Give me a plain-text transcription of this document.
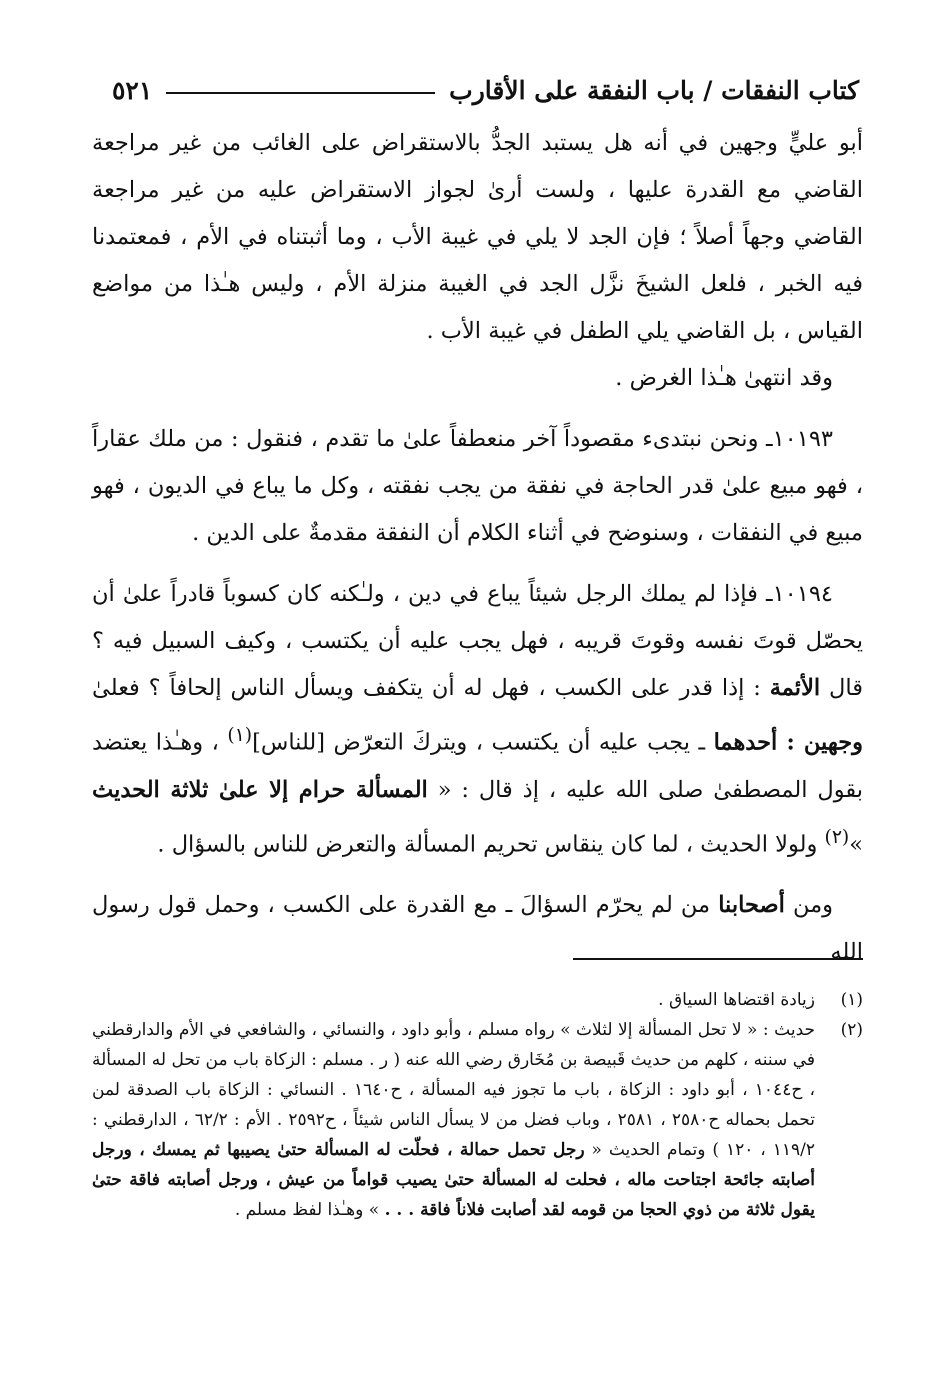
كتاب النفقات / باب النفقة على الأقارب
٥٢١

أبو عليٍّ وجهين في أنه هل يستبد الجدُّ بالاستقراض على الغائب من غير مراجعة القاضي مع القدرة عليها ، ولست أرىٰ لجواز الاستقراض عليه من غير مراجعة القاضي وجهاً أصلاً ؛ فإن الجد لا يلي في غيبة الأب ، وما أثبتناه في الأم ، فمعتمدنا فيه الخبر ، فلعل الشيخَ نزَّل الجد في الغيبة منزلة الأم ، وليس هـٰذا من مواضع القياس ، بل القاضي يلي الطفل في غيبة الأب .

وقد انتهىٰ هـٰذا الغرض .

١٠١٩٣ـ ونحن نبتدىء مقصوداً آخر منعطفاً علىٰ ما تقدم ، فنقول : من ملك عقاراً ، فهو مبيع علىٰ قدر الحاجة في نفقة من يجب نفقته ، وكل ما يباع في الديون ، فهو مبيع في النفقات ، وسنوضح في أثناء الكلام أن النفقة مقدمةٌ على الدين .

١٠١٩٤ـ فإذا لم يملك الرجل شيئاً يباع في دين ، ولـٰكنه كان كسوباً قادراً علىٰ أن يحصّل قوتَ نفسه وقوتَ قريبه ، فهل يجب عليه أن يكتسب ، وكيف السبيل فيه ؟ قال الأئمة : إذا قدر على الكسب ، فهل له أن يتكفف ويسأل الناس إلحافاً ؟ فعلىٰ وجهين : أحدهما ـ يجب عليه أن يكتسب ، ويتركَ التعرّض [للناس]$^{(١)}$ ، وهـٰذا يعتضد بقول المصطفىٰ صلى الله عليه ، إذ قال : « المسألة حرام إلا علىٰ ثلاثة الحديث »$^{(٢)}$ ولولا الحديث ، لما كان ينقاس تحريم المسألة والتعرض للناس بالسؤال .

ومن أصحابنا من لم يحرّم السؤالَ ـ مع القدرة على الكسب ، وحمل قول رسول الله

(١)
زيادة اقتضاها السياق .
(٢)
حديث : « لا تحل المسألة إلا لثلاث » رواه مسلم ، وأبو داود ، والنسائي ، والشافعي في الأم والدارقطني في سننه ، كلهم من حديث قَبيصة بن مُخَارق رضي الله عنه ( ر . مسلم : الزكاة باب من تحل له المسألة ، ح١٠٤٤ ، أبو داود : الزكاة ، باب ما تجوز فيه المسألة ، ح١٦٤٠ . النسائي : الزكاة باب الصدقة لمن تحمل بحماله ح٢٥٨٠ ، ٢٥٨١ ، وباب فضل من لا يسأل الناس شيئاً ، ح٢٥٩٢ . الأم : ٦٢/٢ ، الدارقطني : ١١٩/٢ ، ١٢٠ ) وتمام الحديث « رجل تحمل حمالة ، فحلّت له المسألة حتىٰ يصيبها ثم يمسك ، ورجل أصابته جائحة اجتاحت ماله ، فحلت له المسألة حتىٰ يصيب قواماً من عيش ، ورجل أصابته فاقة حتىٰ يقول ثلاثة من ذوي الحجا من قومه لقد أصابت فلاناً فاقة . . . » وهـٰذا لفظ مسلم .
